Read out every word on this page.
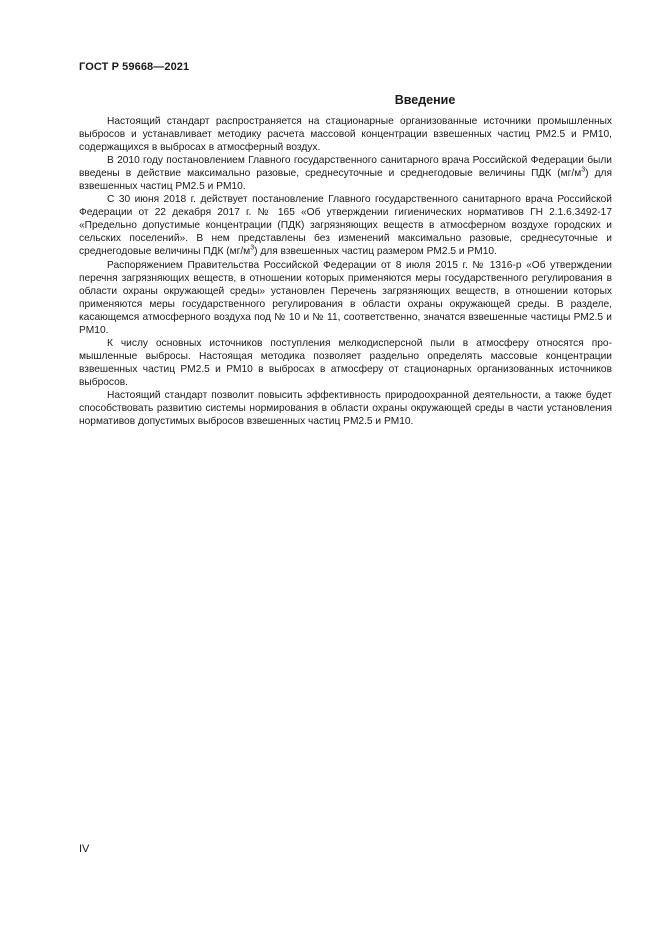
ГОСТ Р 59668—2021
Введение

Настоящий стандарт распространяется на стационарные организованные источники промышленных выбросов и устанавливает методику расчета массовой концентрации взвешенных частиц PM2.5 и PM10, содержащихся в выбросах в атмосферный воздух.

В 2010 году постановлением Главного государственного санитарного врача Российской Федерации были введены в действие максимально разовые, среднесуточные и среднегодовые величины ПДК $(мг/м^3)$ для взвешенных частиц PM2.5 и PM10.

С 30 июня 2018 г. действует постановление Главного государственного санитарного врача Российской Федерации от 22 декабря 2017 г. № 165 «Об утверждении гигиенических нормативов ГН 2.1.6.3492-17 «Предельно допустимые концентрации (ПДК) загрязняющих веществ в атмосферном воздухе городских и сельских поселений». В нем представлены без изменений максимально разовые, среднесуточные и среднегодовые величины ПДК $(мг/м^3)$ для взвешенных частиц размером PM2.5 и PM10.

Распоряжением Правительства Российской Федерации от 8 июля 2015 г. № 1316-р «Об утверждении перечня загрязняющих веществ, в отношении которых применяются меры государственного регулирования в области охраны окружающей среды» установлен Перечень загрязняющих веществ, в отношении которых применяются меры государственного регулирования в области охраны окружающей среды. В разделе, касающемся атмосферного воздуха под № 10 и № 11, соответственно, значатся взвешенные частицы PM2.5 и PM10.

К числу основных источников поступления мелкодисперсной пыли в атмосферу относятся промышленные выбросы. Настоящая методика позволяет раздельно определять массовые концентрации взвешенных частиц PM2.5 и PM10 в выбросах в атмосферу от стационарных организованных источников выбросов.

Настоящий стандарт позволит повысить эффективность природоохранной деятельности, а также будет способствовать развитию системы нормирования в области охраны окружающей среды в части установления нормативов допустимых выбросов взвешенных частиц PM2.5 и PM10.

IV
